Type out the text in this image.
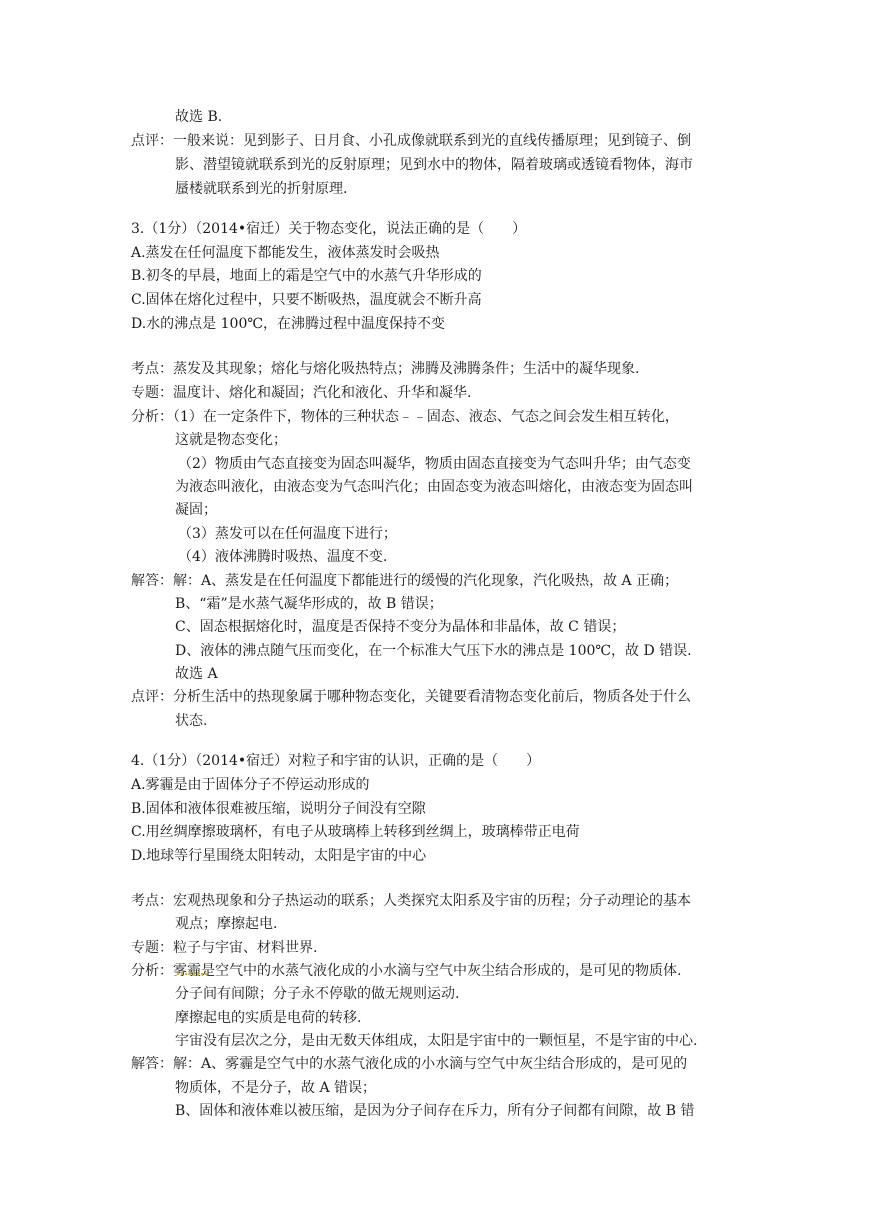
故选 B.
点评：一般来说：见到影子、日月食、小孔成像就联系到光的直线传播原理；见到镜子、倒
影、潜望镜就联系到光的反射原理；见到水中的物体，隔着玻璃或透镜看物体，海市
蜃楼就联系到光的折射原理.
3.（1分）（2014•宿迁）关于物态变化，说法正确的是（　　）
A.蒸发在任何温度下都能发生，液体蒸发时会吸热
B.初冬的早晨，地面上的霜是空气中的水蒸气升华形成的
C.固体在熔化过程中，只要不断吸热，温度就会不断升高
D.水的沸点是 100℃，在沸腾过程中温度保持不变
考点：蒸发及其现象；熔化与熔化吸热特点；沸腾及沸腾条件；生活中的凝华现象.
专题：温度计、熔化和凝固；汽化和液化、升华和凝华.
分析：（1）在一定条件下，物体的三种状态﹣﹣固态、液态、气态之间会发生相互转化，
这就是物态变化；
（2）物质由气态直接变为固态叫凝华，物质由固态直接变为气态叫升华；由气态变
为液态叫液化，由液态变为气态叫汽化；由固态变为液态叫熔化，由液态变为固态叫
凝固；
（3）蒸发可以在任何温度下进行；
（4）液体沸腾时吸热、温度不变.
解答：解：A、蒸发是在任何温度下都能进行的缓慢的汽化现象，汽化吸热，故 A 正确；
B、“霜”是水蒸气凝华形成的，故 B 错误；
C、固态根据熔化时，温度是否保持不变分为晶体和非晶体，故 C 错误；
D、液体的沸点随气压而变化，在一个标准大气压下水的沸点是 100℃，故 D 错误.
故选 A
点评：分析生活中的热现象属于哪种物态变化，关键要看清物态变化前后，物质各处于什么
状态.
4.（1分）（2014•宿迁）对粒子和宇宙的认识，正确的是（　　）
A.雾霾是由于固体分子不停运动形成的
B.固体和液体很难被压缩，说明分子间没有空隙
C.用丝绸摩擦玻璃杯，有电子从玻璃棒上转移到丝绸上，玻璃棒带正电荷
D.地球等行星围绕太阳转动，太阳是宇宙的中心
考点：宏观热现象和分子热运动的联系；人类探究太阳系及宇宙的历程；分子动理论的基本
观点；摩擦起电.
专题：粒子与宇宙、材料世界.
分析：雾霾是空气中的水蒸气液化成的小水滴与空气中灰尘结合形成的，是可见的物质体.
分子间有间隙；分子永不停歇的做无规则运动.
摩擦起电的实质是电荷的转移.
宇宙没有层次之分，是由无数天体组成，太阳是宇宙中的一颗恒星，不是宇宙的中心.
解答：解：A、雾霾是空气中的水蒸气液化成的小水滴与空气中灰尘结合形成的，是可见的
物质体，不是分子，故 A 错误；
B、固体和液体难以被压缩，是因为分子间存在斥力，所有分子间都有间隙，故 B 错
